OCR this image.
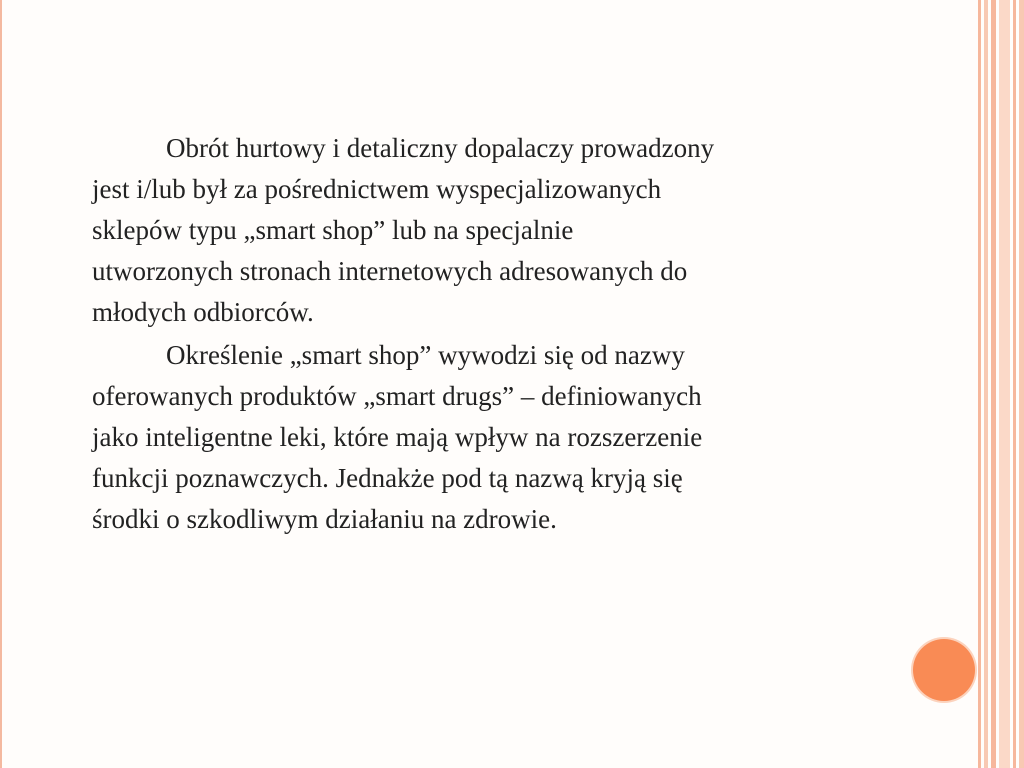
Obrót hurtowy i detaliczny dopalaczy prowadzony
jest i/lub był za pośrednictwem wyspecjalizowanych
sklepów typu „smart shop” lub na specjalnie
utworzonych stronach internetowych adresowanych do
młodych odbiorców.

Określenie „smart shop” wywodzi się od nazwy
oferowanych produktów „smart drugs” – definiowanych
jako inteligentne leki, które mają wpływ na rozszerzenie
funkcji poznawczych. Jednakże pod tą nazwą kryją się
środki o szkodliwym działaniu na zdrowie.
